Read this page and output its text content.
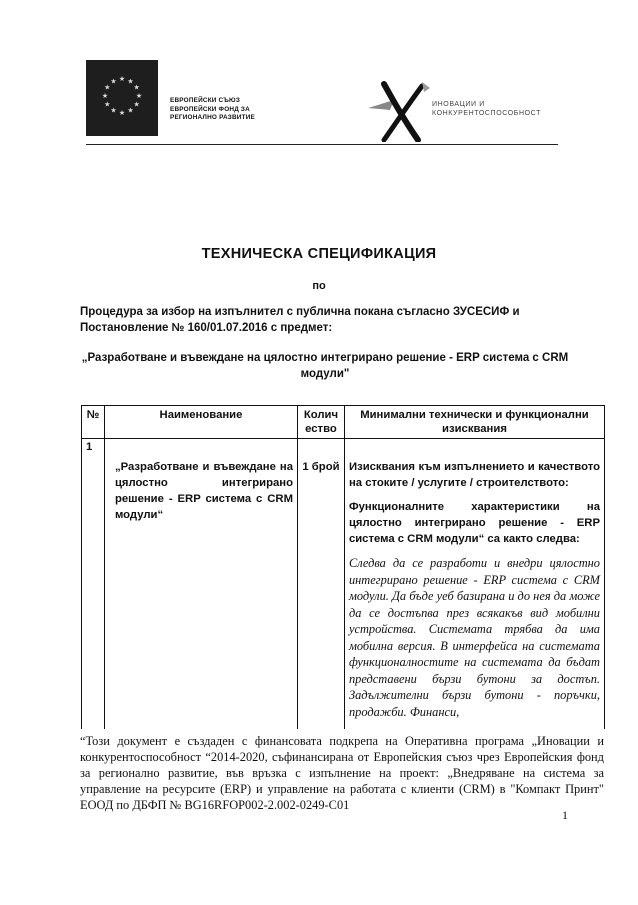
★ ★
★
★
★
★
★
★
★
★
★
★
ЕВРОПЕЙСКИ СЪЮЗ
ЕВРОПЕЙСКИ ФОНД ЗА
РЕГИОНАЛНО РАЗВИТИЕ
ИНОВАЦИИ И
КОНКУРЕНТОСПОСОБНОСТ
ТЕХНИЧЕСКА СПЕЦИФИКАЦИЯ
по
Процедура за избор на изпълнител с публична покана съгласно ЗУСЕСИФ и Постановление № 160/01.07.2016 с предмет:
„Разработване и въвеждане на цялостно интегрирано решение - ERP система с CRM модули"
№	Наименование	Количество	Минимални технически и функционални изисквания
1	„Разработване и въвеждане на цялостно интегрирано решение - ERP система с CRM модули“	1 брой	Изисквания към изпълнението и качеството на стоките / услугите / строителството:

Функционалните характеристики на цялостно интегрирано решение - ERP система с CRM модули“ са както следва:

Следва да се разработи и внедри цялостно интегрирано решение - ERP система с CRM модули. Да бъде уеб базирана и до нея да може да се достъпва през всякакъв вид мобилни устройства. Системата трябва да има мобилна версия. В интерфейса на системата функционалностите на системата да бъдат представени бързи бутони за достъп. Задължителни бързи бутони - поръчки, продажби. Финанси,

“Този документ е създаден с финансовата подкрепа на Оперативна програма „Иновации и конкурентоспособност “2014-2020, съфинансирана от Европейския съюз чрез Европейския фонд за регионално развитие, във връзка с изпълнение на проект: „Внедряване на система за управление на ресурсите (ERP) и управление на работата с клиенти (CRM) в "Компакт Принт" ЕООД по ДБФП № BG16RFOP002-2.002-0249-С01
1
